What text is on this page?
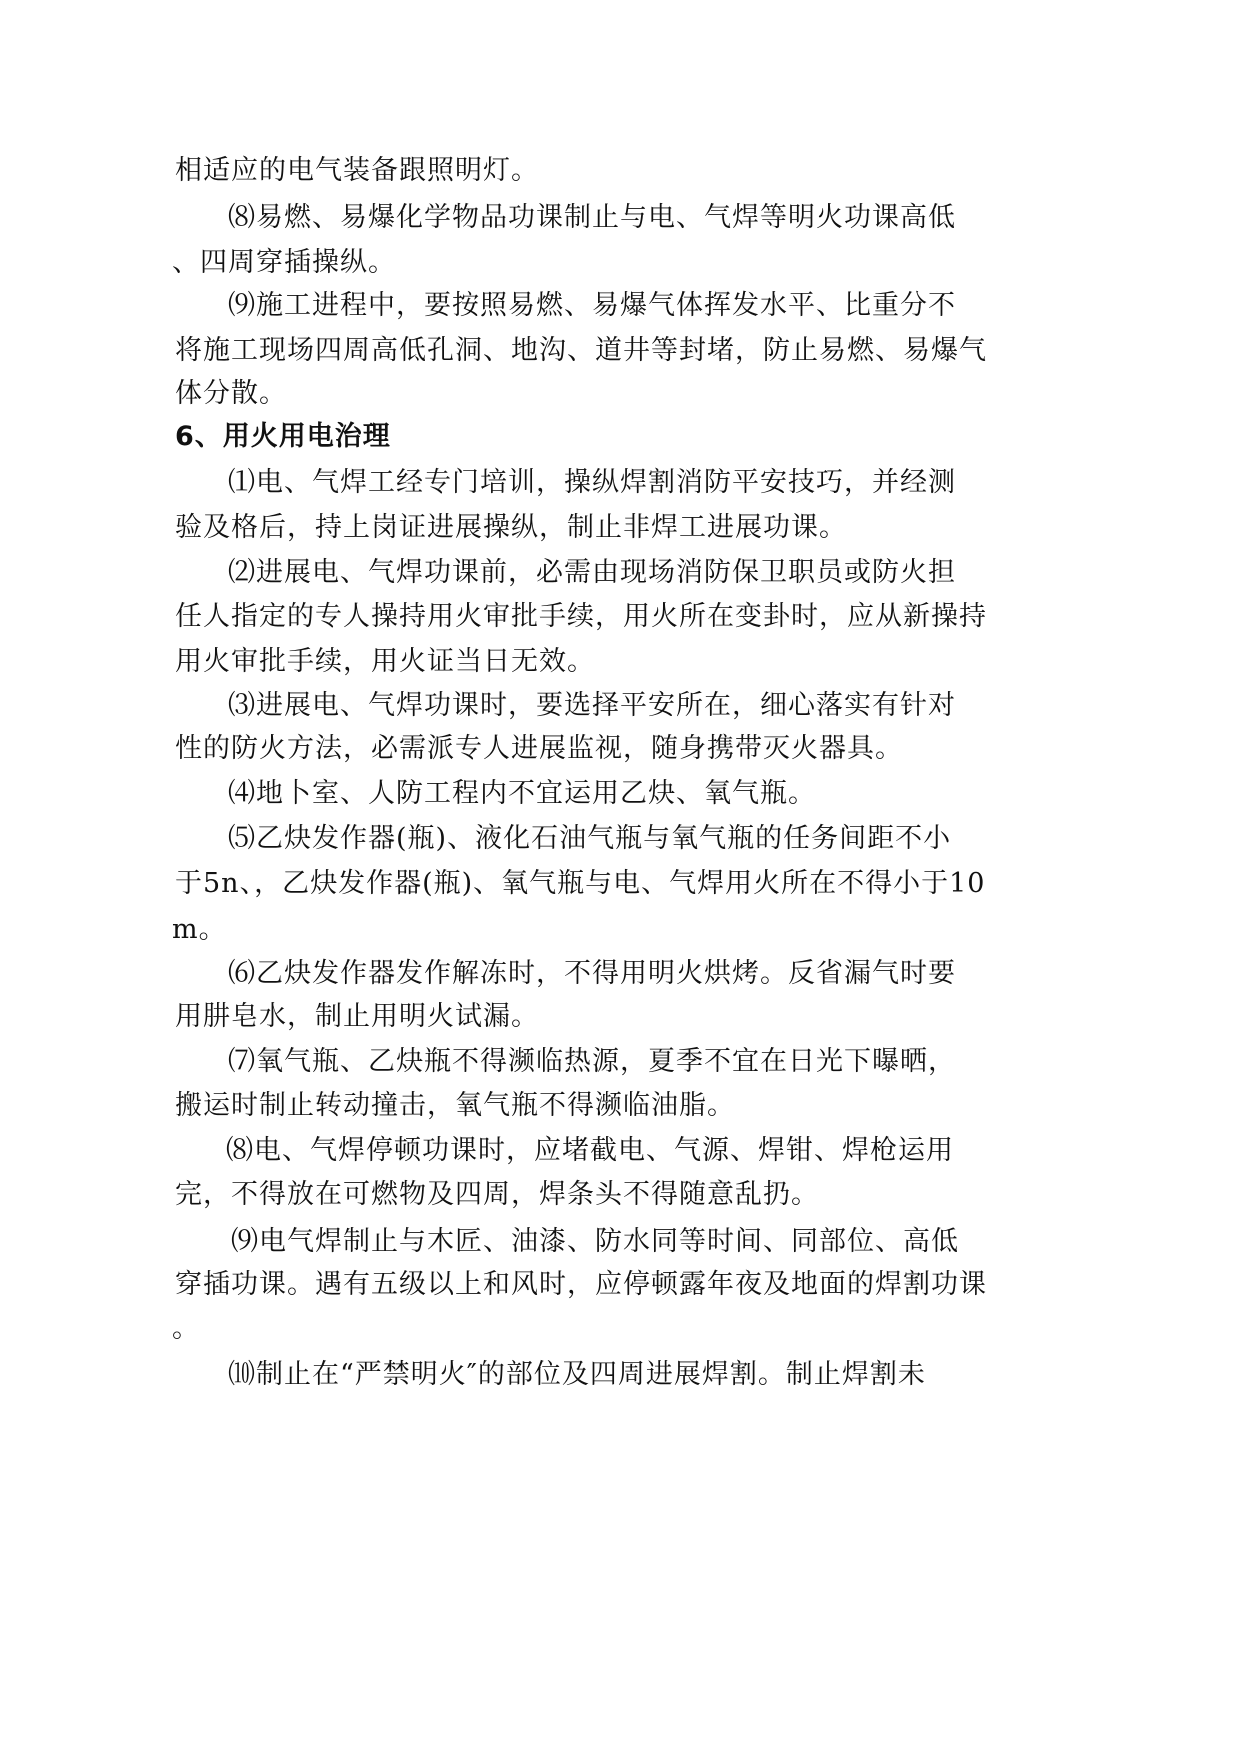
相适应的电气装备跟照明灯。
⑻易燃、易爆化学物品功课制止与电、气焊等明火功课高低
、四周穿插操纵。
⑼施工进程中，要按照易燃、易爆气体挥发水平、比重分不
将施工现场四周高低孔洞、地沟、道井等封堵，防止易燃、易爆气
体分散。
6、用火用电治理
⑴电、气焊工经专门培训，操纵焊割消防平安技巧，并经测
验及格后，持上岗证进展操纵，制止非焊工进展功课。
⑵进展电、气焊功课前，必需由现场消防保卫职员或防火担
任人指定的专人操持用火审批手续，用火所在变卦时，应从新操持
用火审批手续，用火证当日无效。
⑶进展电、气焊功课时，要选择平安所在，细心落实有针对
性的防火方法，必需派专人进展监视，随身携带灭火器具。
⑷地卜室、人防工程内不宜运用乙炔、氧气瓶。
⑸乙炔发作器(瓶)、液化石油气瓶与氧气瓶的任务间距不小
于5n、，乙炔发作器(瓶)、氧气瓶与电、气焊用火所在不得小于10
m。
⑹乙炔发作器发作解冻时，不得用明火烘烤。反省漏气时要
用肼皂水，制止用明火试漏。
⑺氧气瓶、乙炔瓶不得濒临热源，夏季不宜在日光下曝晒，
搬运时制止转动撞击，氧气瓶不得濒临油脂。
⑻电、气焊停顿功课时，应堵截电、气源、焊钳、焊枪运用
完，不得放在可燃物及四周，焊条头不得随意乱扔。
⑼电气焊制止与木匠、油漆、防水同等时间、同部位、高低
穿插功课。遇有五级以上和风时，应停顿露年夜及地面的焊割功课
。
⑽制止在“严禁明火″的部位及四周进展焊割。制止焊割未
